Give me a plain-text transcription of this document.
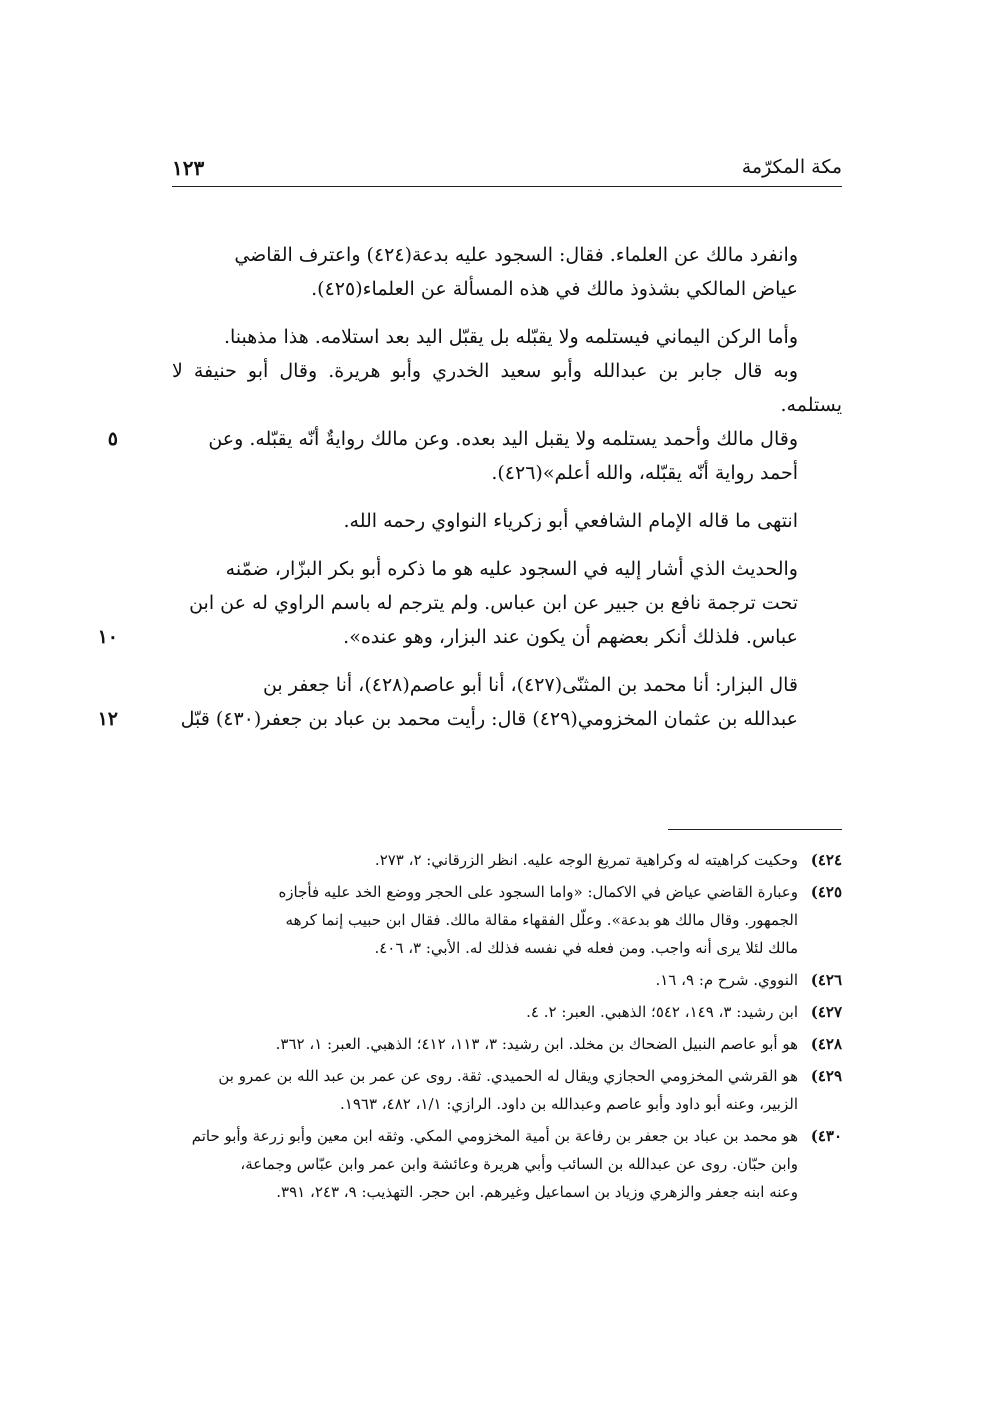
مكة المكرّمة
١٢٣

وانفرد مالك عن العلماء. فقال: السجود عليه بدعة(٤٢٤) واعترف القاضي
عياض المالكي بشذوذ مالك في هذه المسألة عن العلماء(٤٢٥).

وأما الركن اليماني فيستلمه ولا يقبّله بل يقبّل اليد بعد استلامه. هذا مذهبنا.
وبه قال جابر بن عبدالله وأبو سعيد الخدري وأبو هريرة. وقال أبو حنيفة لا يستلمه.
٥	وقال مالك وأحمد يستلمه ولا يقبل اليد بعده. وعن مالك روايةٌ أنّه يقبّله. وعن
أحمد رواية أنّه يقبّله، والله أعلم»(٤٢٦).

انتهى ما قاله الإمام الشافعي أبو زكرياء النواوي رحمه الله.

والحديث الذي أشار إليه في السجود عليه هو ما ذكره أبو بكر البزّار، ضمّنه
تحت ترجمة نافع بن جبير عن ابن عباس. ولم يترجم له باسم الراوي له عن ابن
١٠	عباس. فلذلك أنكر بعضهم أن يكون عند البزار، وهو عنده».

قال البزار: أنا محمد بن المثنّى(٤٢٧)، أنا أبو عاصم(٤٢٨)، أنا جعفر بن
١٢	عبدالله بن عثمان المخزومي(٤٢٩) قال: رأيت محمد بن عباد بن جعفر(٤٣٠) قبّل

٤٢٤)
وحكيت كراهيته له وكراهية تمريغ الوجه عليه. انظر الزرقاني: ٢، ٢٧٣.
٤٢٥)
وعبارة القاضي عياض في الاكمال: «واما السجود على الحجر ووضع الخد عليه فأجازه
الجمهور. وقال مالك هو بدعة». وعلّل الفقهاء مقالة مالك. فقال ابن حبيب إنما كرهه
مالك لئلا يرى أنه واجب. ومن فعله في نفسه فذلك له. الأبي: ٣، ٤٠٦.
٤٢٦)
النووي. شرح م: ٩، ١٦.
٤٢٧)
ابن رشيد: ٣، ١٤٩، ٥٤٢؛ الذهبي. العبر: ٢. ٤.
٤٢٨)
هو أبو عاصم النبيل الضحاك بن مخلد. ابن رشيد: ٣، ١١٣، ٤١٢؛ الذهبي. العبر: ١، ٣٦٢.
٤٢٩)
هو القرشي المخزومي الحجازي ويقال له الحميدي. ثقة. روى عن عمر بن عبد الله بن عمرو بن
الزبير، وعنه أبو داود وأبو عاصم وعبدالله بن داود. الرازي: ١/١، ٤٨٢، ١٩٦٣.
٤٣٠)
هو محمد بن عباد بن جعفر بن رفاعة بن أمية المخزومي المكي. وثقه ابن معين وأبو زرعة وأبو حاتم
وابن حبّان. روى عن عبدالله بن السائب وأبي هريرة وعائشة وابن عمر وابن عبّاس وجماعة،
وعنه ابنه جعفر والزهري وزياد بن اسماعيل وغيرهم. ابن حجر. التهذيب: ٩، ٢٤٣، ٣٩١.
